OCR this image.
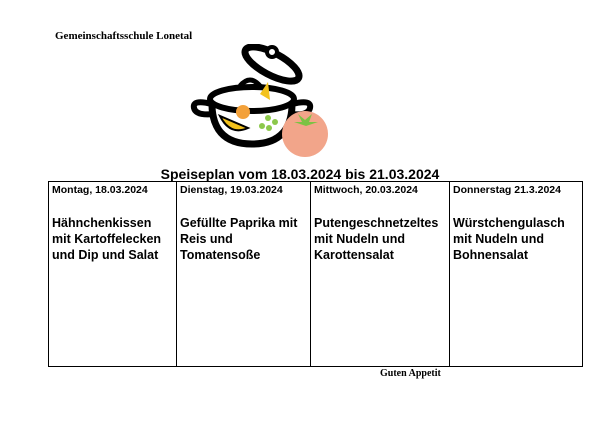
Gemeinschaftsschule Lonetal
Speiseplan vom 18.03.2024 bis 21.03.2024
Montag, 18.03.2024
Hähnchenkissen mit Kartoffelecken und Dip und Salat

Dienstag, 19.03.2024
Gefüllte Paprika mit Reis und Tomatensoße

Mittwoch, 20.03.2024
Putengeschnetzeltes mit Nudeln und Karottensalat

Donnerstag 21.3.2024
Würstchengulasch mit Nudeln und Bohnensalat
Guten Appetit
